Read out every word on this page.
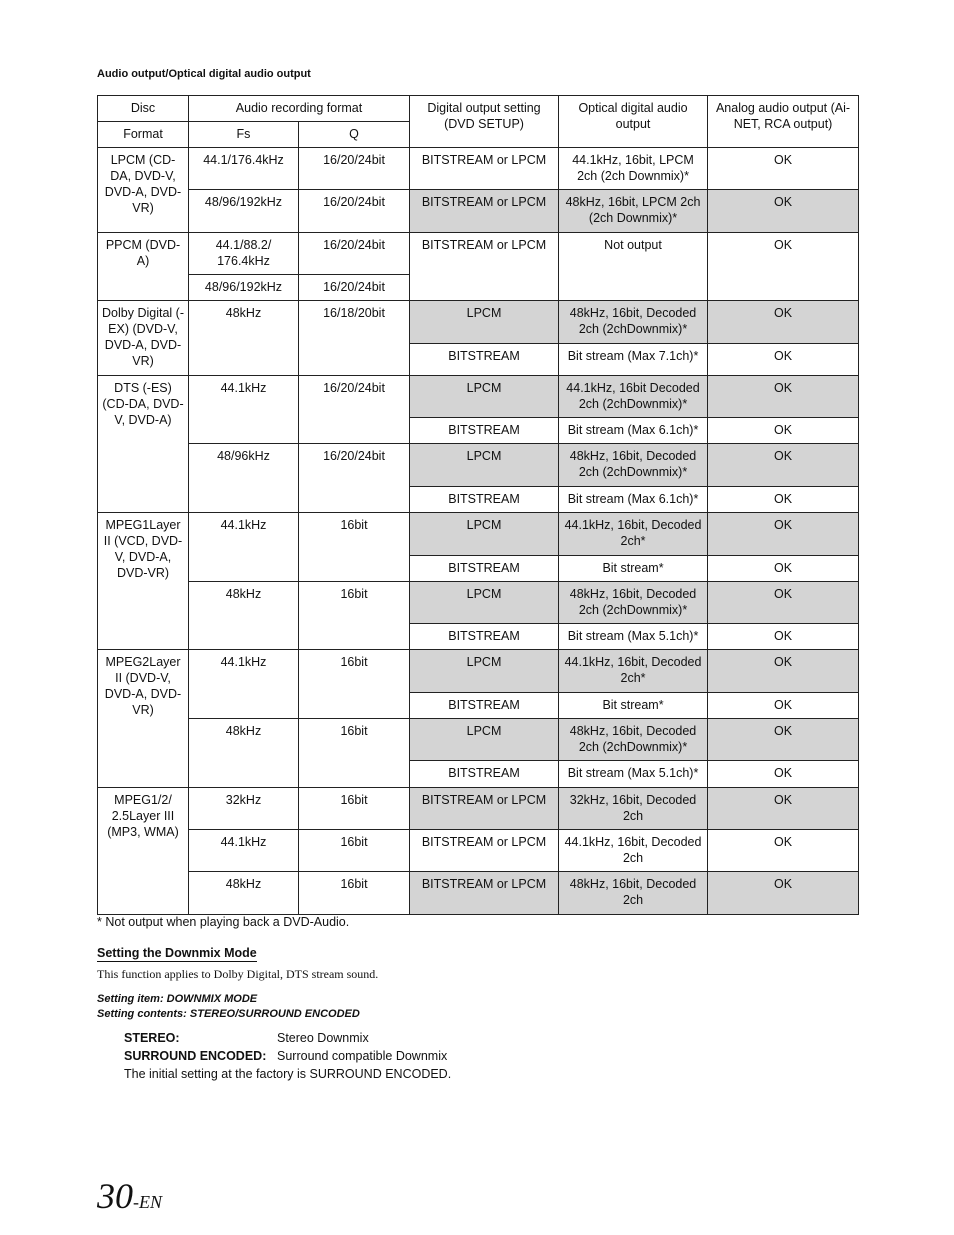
Audio output/Optical digital audio output
Disc	Audio recording format		Digital output setting (DVD SETUP)	Optical digital audio output	Analog audio output (Ai-NET, RCA output)
Format	Fs	Q			
LPCM (CD-DA, DVD-V, DVD-A, DVD-VR)	44.1/176.4kHz	16/20/24bit	BITSTREAM or LPCM	44.1kHz, 16bit, LPCM 2ch (2ch Downmix)*	OK
	48/96/192kHz	16/20/24bit	BITSTREAM or LPCM	48kHz, 16bit, LPCM 2ch (2ch Downmix)*	OK
PPCM (DVD-A)	44.1/88.2/ 176.4kHz	16/20/24bit	BITSTREAM or LPCM	Not output	OK
	48/96/192kHz	16/20/24bit			
Dolby Digital (-EX) (DVD-V, DVD-A, DVD-VR)	48kHz	16/18/20bit	LPCM	48kHz, 16bit, Decoded 2ch (2chDownmix)*	OK
			BITSTREAM	Bit stream (Max 7.1ch)*	OK
DTS (-ES) (CD-DA, DVD-V, DVD-A)	44.1kHz	16/20/24bit	LPCM	44.1kHz, 16bit Decoded 2ch (2chDownmix)*	OK
			BITSTREAM	Bit stream (Max 6.1ch)*	OK
	48/96kHz	16/20/24bit	LPCM	48kHz, 16bit, Decoded 2ch (2chDownmix)*	OK
			BITSTREAM	Bit stream (Max 6.1ch)*	OK
MPEG1Layer II (VCD, DVD-V, DVD-A, DVD-VR)	44.1kHz	16bit	LPCM	44.1kHz, 16bit, Decoded 2ch*	OK
			BITSTREAM	Bit stream*	OK
	48kHz	16bit	LPCM	48kHz, 16bit, Decoded 2ch (2chDownmix)*	OK
			BITSTREAM	Bit stream (Max 5.1ch)*	OK
MPEG2Layer II (DVD-V, DVD-A, DVD-VR)	44.1kHz	16bit	LPCM	44.1kHz, 16bit, Decoded 2ch*	OK
			BITSTREAM	Bit stream*	OK
	48kHz	16bit	LPCM	48kHz, 16bit, Decoded 2ch (2chDownmix)*	OK
			BITSTREAM	Bit stream (Max 5.1ch)*	OK
MPEG1/2/ 2.5Layer III (MP3, WMA)	32kHz	16bit	BITSTREAM or LPCM	32kHz, 16bit, Decoded 2ch	OK
	44.1kHz	16bit	BITSTREAM or LPCM	44.1kHz, 16bit, Decoded 2ch	OK
	48kHz	16bit	BITSTREAM or LPCM	48kHz, 16bit, Decoded 2ch	OK
* Not output when playing back a DVD-Audio.
Setting the Downmix Mode
This function applies to Dolby Digital, DTS stream sound.
Setting item: DOWNMIX MODE
Setting contents: STEREO/SURROUND ENCODED
STEREO:	Stereo Downmix
SURROUND ENCODED: Surround compatible Downmix
The initial setting at the factory is SURROUND ENCODED.
30-EN
